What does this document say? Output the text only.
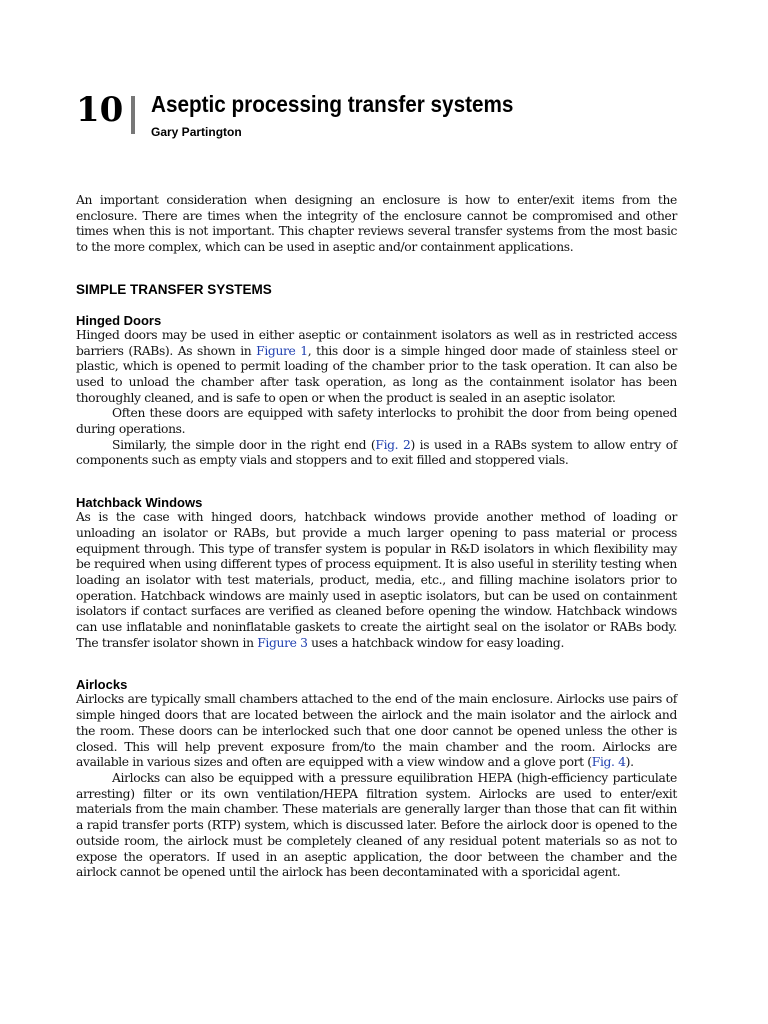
10 Aseptic processing transfer systems
Gary Partington

An important consideration when designing an enclosure is how to enter/exit items from the enclosure. There are times when the integrity of the enclosure cannot be compromised and other times when this is not important. This chapter reviews several transfer systems from the most basic to the more complex, which can be used in aseptic and/or containment applications.

SIMPLE TRANSFER SYSTEMS
Hinged Doors

Hinged doors may be used in either aseptic or containment isolators as well as in restricted access barriers (RABs). As shown in Figure 1, this door is a simple hinged door made of stainless steel or plastic, which is opened to permit loading of the chamber prior to the task operation. It can also be used to unload the chamber after task operation, as long as the containment isolator has been thoroughly cleaned, and is safe to open or when the product is sealed in an aseptic isolator.

Often these doors are equipped with safety interlocks to prohibit the door from being opened during operations.

Similarly, the simple door in the right end (Fig. 2) is used in a RABs system to allow entry of components such as empty vials and stoppers and to exit filled and stoppered vials.

Hatchback Windows

As is the case with hinged doors, hatchback windows provide another method of loading or unloading an isolator or RABs, but provide a much larger opening to pass material or process equipment through. This type of transfer system is popular in R&D isolators in which flexibility may be required when using different types of process equipment. It is also useful in sterility testing when loading an isolator with test materials, product, media, etc., and filling machine isolators prior to operation. Hatchback windows are mainly used in aseptic isolators, but can be used on containment isolators if contact surfaces are verified as cleaned before opening the window. Hatchback windows can use inflatable and noninflatable gaskets to create the airtight seal on the isolator or RABs body. The transfer isolator shown in Figure 3 uses a hatchback window for easy loading.

Airlocks

Airlocks are typically small chambers attached to the end of the main enclosure. Airlocks use pairs of simple hinged doors that are located between the airlock and the main isolator and the airlock and the room. These doors can be interlocked such that one door cannot be opened unless the other is closed. This will help prevent exposure from/to the main chamber and the room. Airlocks are available in various sizes and often are equipped with a view window and a glove port (Fig. 4).

Airlocks can also be equipped with a pressure equilibration HEPA (high-efficiency particulate arresting) filter or its own ventilation/HEPA filtration system. Airlocks are used to enter/exit materials from the main chamber. These materials are generally larger than those that can fit within a rapid transfer ports (RTP) system, which is discussed later. Before the airlock door is opened to the outside room, the airlock must be completely cleaned of any residual potent materials so as not to expose the operators. If used in an aseptic application, the door between the chamber and the airlock cannot be opened until the airlock has been decontaminated with a sporicidal agent.
